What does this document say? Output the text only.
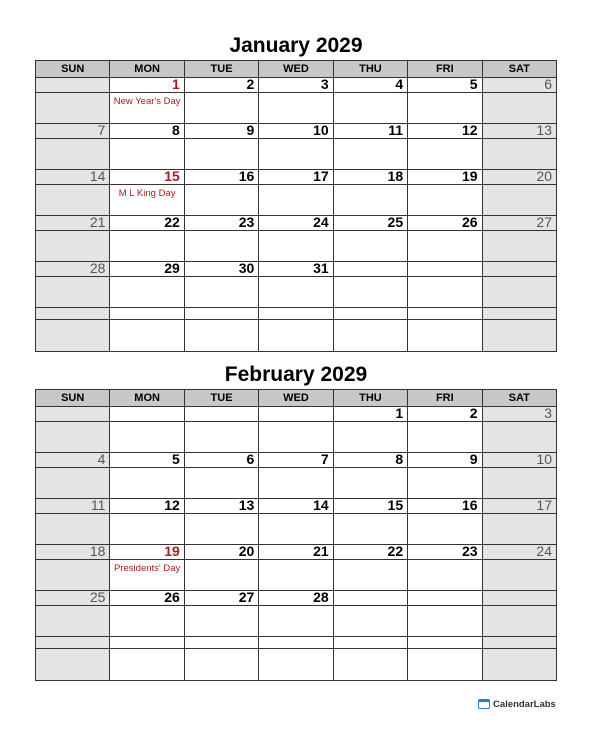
January 2029
SUN	MON	TUE	WED	THU	FRI	SAT

	1	2	3	4	5	6

	New Year's Day					

7	8	9	10	11	12	13

14	15	16	17	18	19	20

	M L King Day					

21	22	23	24	25	26	27

28	29	30	31			

February 2029
SUN	MON	TUE	WED	THU	FRI	SAT

				1	2	3

4	5	6	7	8	9	10

11	12	13	14	15	16	17

18	19	20	21	22	23	24

	Presidents' Day					

25	26	27	28			

CalendarLabs
